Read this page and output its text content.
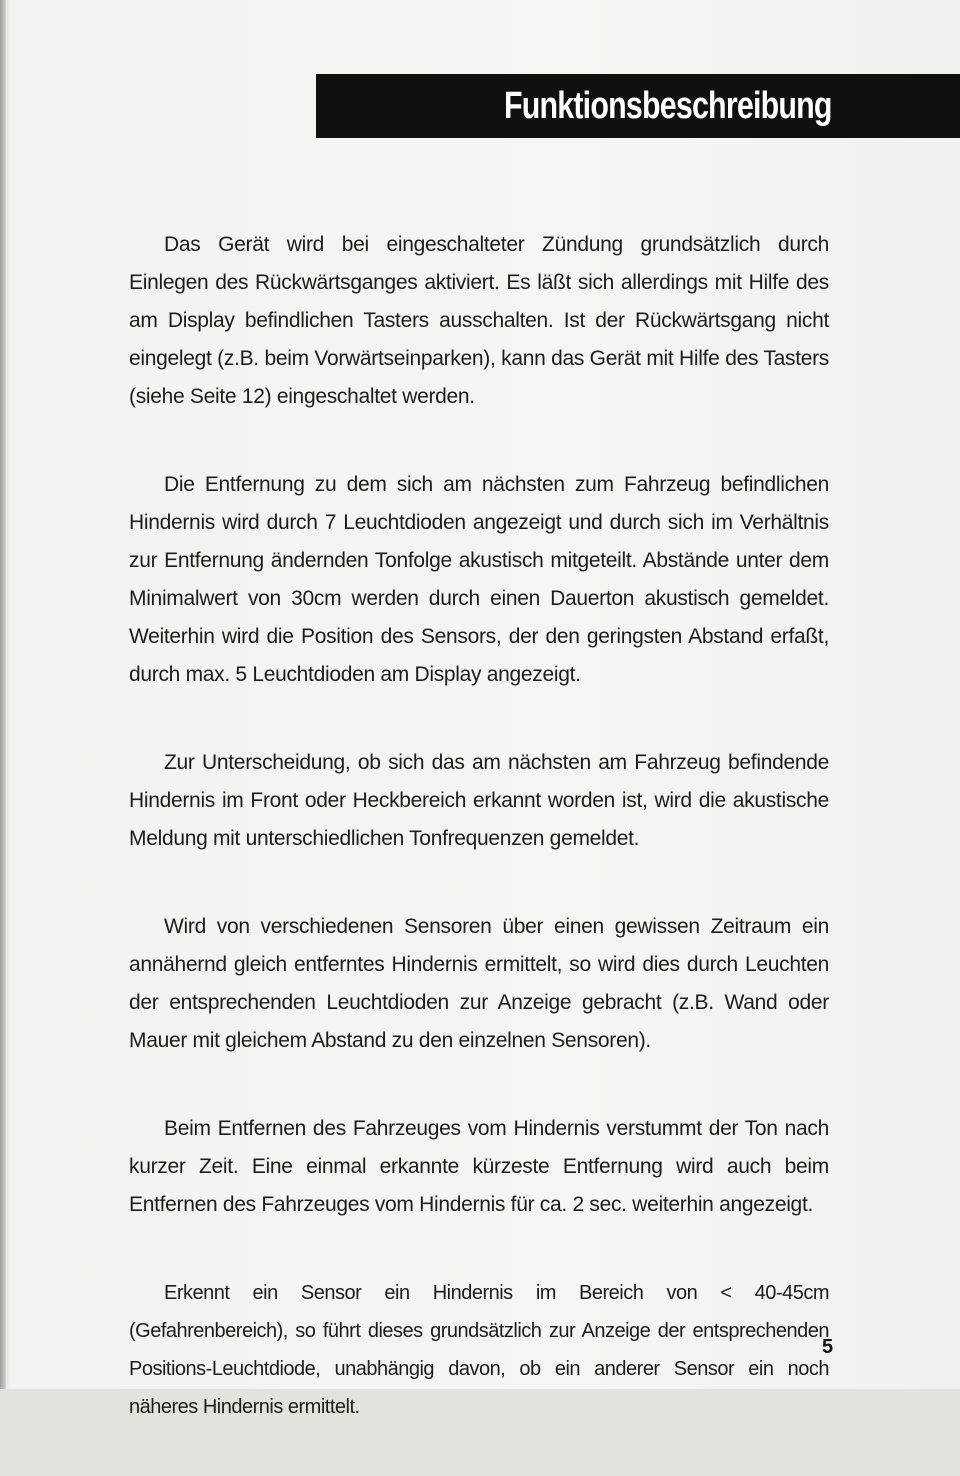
Funktionsbeschreibung

Das Gerät wird bei eingeschalteter Zündung grundsätzlich durch Einlegen des Rückwärtsganges aktiviert. Es läßt sich allerdings mit Hilfe des am Display befindlichen Tasters ausschalten. Ist der Rückwärtsgang nicht eingelegt (z.B. beim Vorwärtseinparken), kann das Gerät mit Hilfe des Tasters (siehe Seite 12) eingeschaltet werden.

Die Entfernung zu dem sich am nächsten zum Fahrzeug befindlichen Hindernis wird durch 7 Leuchtdioden angezeigt und durch sich im Verhältnis zur Entfernung ändernden Tonfolge akustisch mitgeteilt. Abstände unter dem Minimalwert von 30cm werden durch einen Dauerton akustisch gemeldet. Weiterhin wird die Position des Sensors, der den geringsten Abstand erfaßt, durch max. 5 Leuchtdioden am Display angezeigt.

Zur Unterscheidung, ob sich das am nächsten am Fahrzeug befindende Hindernis im Front oder Heckbereich erkannt worden ist, wird die akustische Meldung mit unterschiedlichen Tonfrequenzen gemeldet.

Wird von verschiedenen Sensoren über einen gewissen Zeitraum ein annähernd gleich entferntes Hindernis ermittelt, so wird dies durch Leuchten der entsprechenden Leuchtdioden zur Anzeige gebracht (z.B. Wand oder Mauer mit gleichem Abstand zu den einzelnen Sensoren).

Beim Entfernen des Fahrzeuges vom Hindernis verstummt der Ton nach kurzer Zeit. Eine einmal erkannte kürzeste Entfernung wird auch beim Entfernen des Fahrzeuges vom Hindernis für ca. 2 sec. weiterhin angezeigt.

Erkennt ein Sensor ein Hindernis im Bereich von < 40-45cm (Gefahrenbereich), so führt dieses grundsätzlich zur Anzeige der entsprechenden Positions-Leuchtdiode, unabhängig davon, ob ein anderer Sensor ein noch näheres Hindernis ermittelt.

5
